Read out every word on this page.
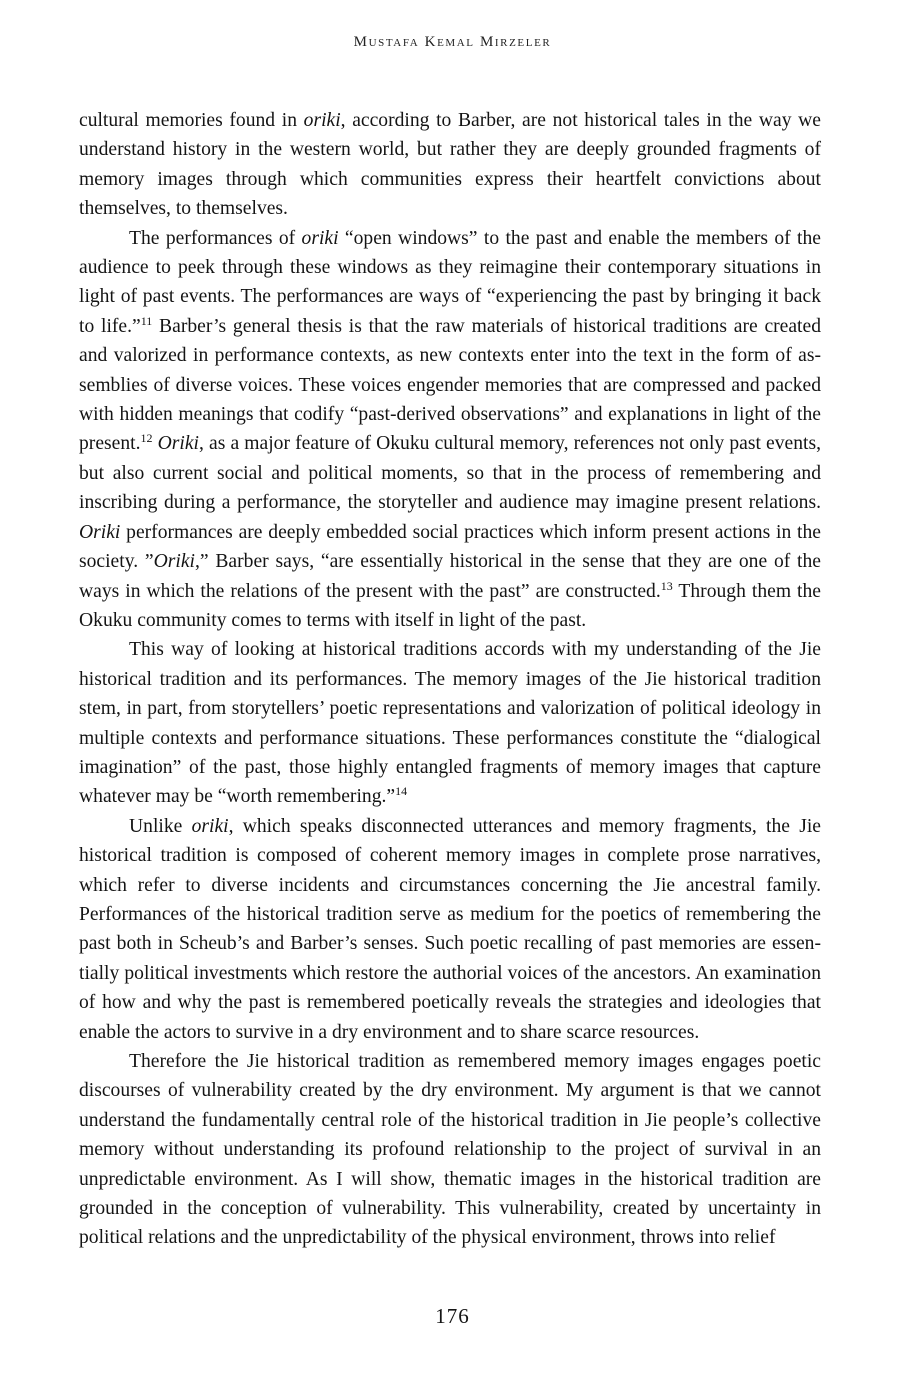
Mustafa Kemal Mirzeler

cultural memories found in oriki, according to Barber, are not historical tales in the way we understand history in the western world, but rather they are deeply grounded fragments of memory images through which communities express their heartfelt convictions about themselves, to themselves.

The performances of oriki “open windows” to the past and enable the members of the audience to peek through these windows as they reimagine their contemporary situations in light of past events. The performances are ways of “experiencing the past by bringing it back to life.”$^{11}$ Barber’s general thesis is that the raw materials of historical traditions are created and valorized in performance contexts, as new contexts enter into the text in the form of assemblies of diverse voices. These voices engender memories that are compressed and packed with hidden meanings that codify “past-derived observations” and explanations in light of the present.$^{12}$ Oriki, as a major feature of Okuku cultural memory, references not only past events, but also current social and political moments, so that in the process of remembering and inscribing during a performance, the storyteller and audience may imagine present relations. Oriki performances are deeply embedded social practices which inform present actions in the society. ”Oriki,” Barber says, “are essentially historical in the sense that they are one of the ways in which the relations of the present with the past” are constructed.$^{13}$ Through them the Okuku community comes to terms with itself in light of the past.

This way of looking at historical traditions accords with my understanding of the Jie historical tradition and its performances. The memory images of the Jie historical tradition stem, in part, from storytellers’ poetic representations and valorization of political ideology in multiple contexts and performance situations. These performances constitute the “dialogical imagination” of the past, those highly entangled fragments of memory images that capture whatever may be “worth remembering.”$^{14}$

Unlike oriki, which speaks disconnected utterances and memory fragments, the Jie historical tradition is composed of coherent memory images in complete prose narratives, which refer to diverse incidents and circumstances concerning the Jie ancestral family. Performances of the historical tradition serve as medium for the poetics of remembering the past both in Scheub’s and Barber’s senses. Such poetic recalling of past memories are essentially political investments which restore the authorial voices of the ancestors. An examination of how and why the past is remembered poetically reveals the strategies and ideologies that enable the actors to survive in a dry environment and to share scarce resources.

Therefore the Jie historical tradition as remembered memory images engages poetic discourses of vulnerability created by the dry environment. My argument is that we cannot understand the fundamentally central role of the historical tradition in Jie people’s collective memory without understanding its profound relationship to the project of survival in an unpredictable environment. As I will show, thematic images in the historical tradition are grounded in the conception of vulnerability. This vulnerability, created by uncertainty in political relations and the unpredictability of the physical environment, throws into relief

176
